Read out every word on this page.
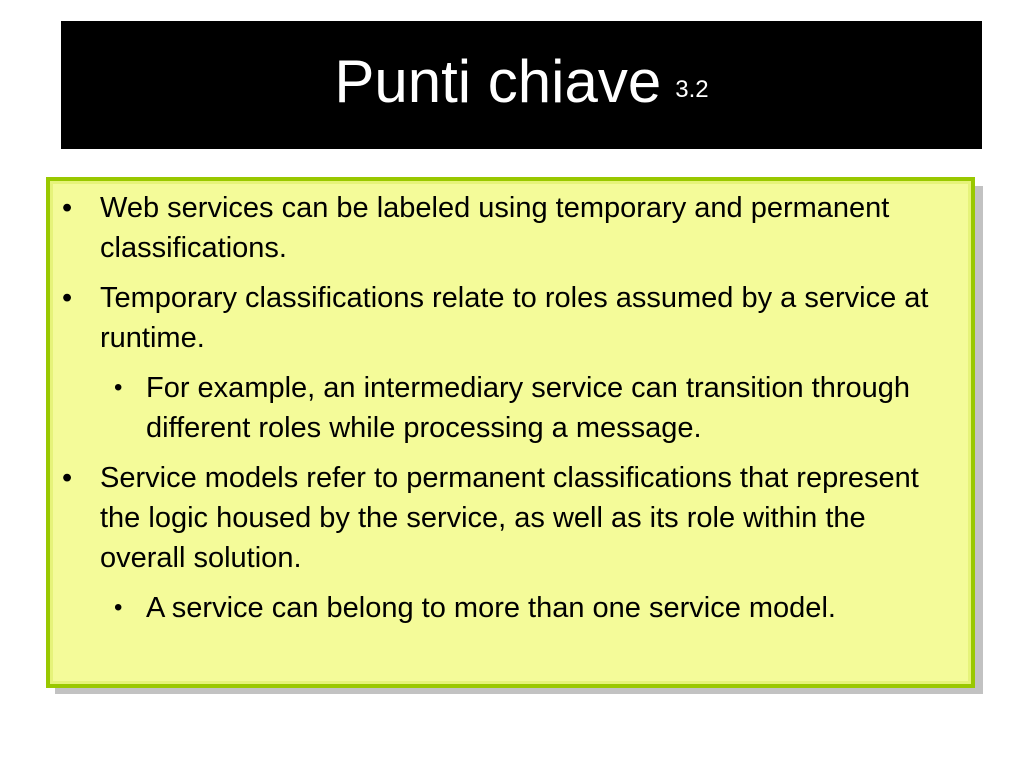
Punti chiave 3.2
• Web services can be labeled using temporary and permanent classifications.
• Temporary classifications relate to roles assumed by a service at runtime.
• For example, an intermediary service can transition through different roles while processing a message.
• Service models refer to permanent classifications that represent the logic housed by the service, as well as its role within the overall solution.
• A service can belong to more than one service model.
